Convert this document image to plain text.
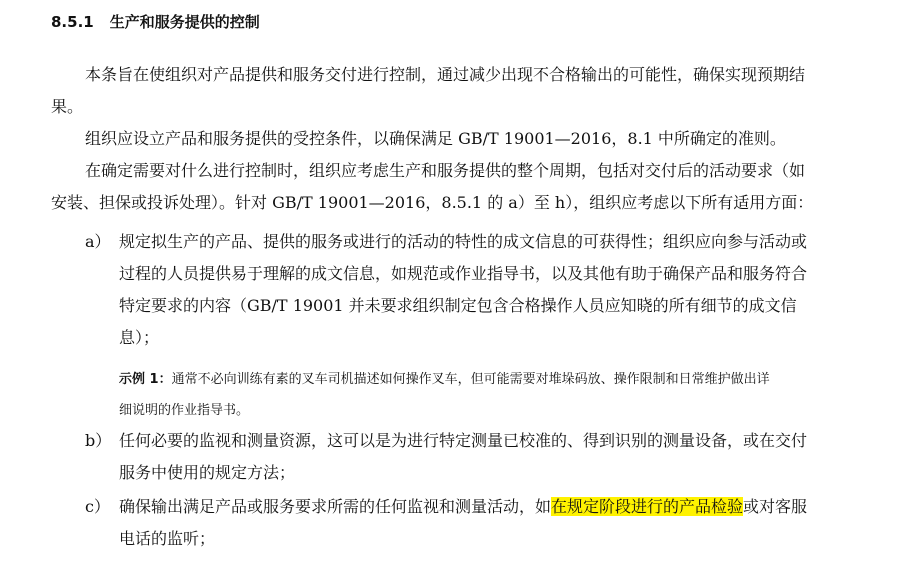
8.5.1 生产和服务提供的控制
本条旨在使组织对产品提供和服务交付进行控制，通过减少出现不合格输出的可能性，确保实现预期结
果。
组织应设立产品和服务提供的受控条件，以确保满足 GB/T 19001—2016，8.1 中所确定的准则。
在确定需要对什么进行控制时，组织应考虑生产和服务提供的整个周期，包括对交付后的活动要求（如
安装、担保或投诉处理）。针对 GB/T 19001—2016，8.5.1 的 a）至 h），组织应考虑以下所有适用方面：
a） 规定拟生产的产品、提供的服务或进行的活动的特性的成文信息的可获得性；组织应向参与活动或
过程的人员提供易于理解的成文信息，如规范或作业指导书，以及其他有助于确保产品和服务符合
特定要求的内容（GB/T 19001 并未要求组织制定包含合格操作人员应知晓的所有细节的成文信
息）；
示例 1：通常不必向训练有素的叉车司机描述如何操作叉车，但可能需要对堆垛码放、操作限制和日常维护做出详
细说明的作业指导书。
b） 任何必要的监视和测量资源，这可以是为进行特定测量已校准的、得到识别的测量设备，或在交付
服务中使用的规定方法；
c） 确保输出满足产品或服务要求所需的任何监视和测量活动，如在规定阶段进行的产品检验或对客服
电话的监听；
